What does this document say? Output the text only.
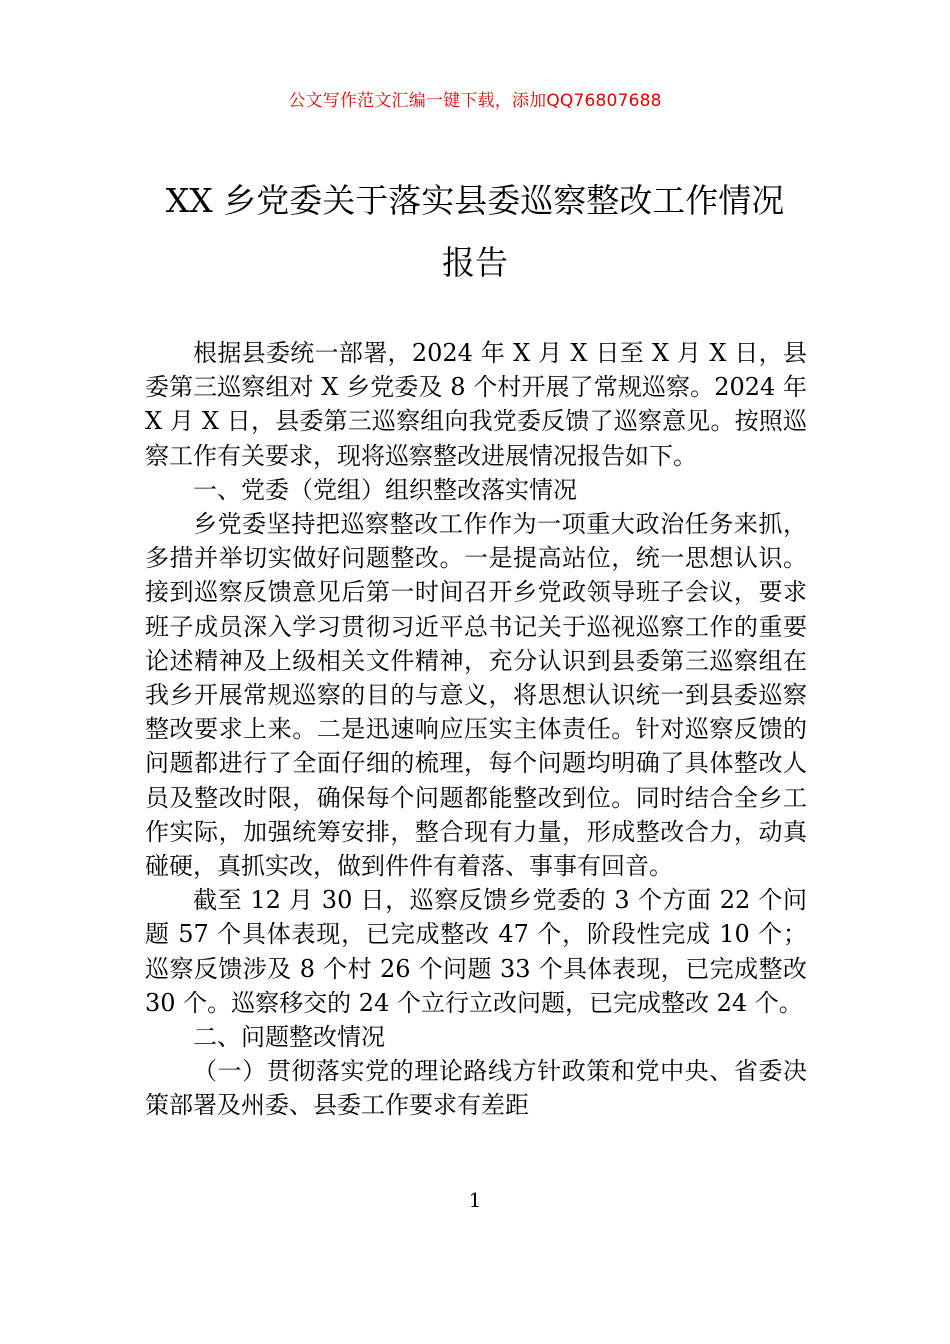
公文写作范文汇编一键下载，添加QQ76807688
XX 乡党委关于落实县委巡察整改工作情况
报告

根据县委统一部署，2024 年 X 月 X 日至 X 月 X 日，县委第三巡察组对 X 乡党委及 8 个村开展了常规巡察。2024 年 X 月 X 日，县委第三巡察组向我党委反馈了巡察意见。按照巡察工作有关要求，现将巡察整改进展情况报告如下。

一、党委（党组）组织整改落实情况

乡党委坚持把巡察整改工作作为一项重大政治任务来抓，多措并举切实做好问题整改。一是提高站位，统一思想认识。接到巡察反馈意见后第一时间召开乡党政领导班子会议，要求班子成员深入学习贯彻习近平总书记关于巡视巡察工作的重要论述精神及上级相关文件精神，充分认识到县委第三巡察组在我乡开展常规巡察的目的与意义，将思想认识统一到县委巡察整改要求上来。二是迅速响应压实主体责任。针对巡察反馈的问题都进行了全面仔细的梳理，每个问题均明确了具体整改人员及整改时限，确保每个问题都能整改到位。同时结合全乡工作实际，加强统筹安排，整合现有力量，形成整改合力，动真碰硬，真抓实改，做到件件有着落、事事有回音。

截至 12 月 30 日，巡察反馈乡党委的 3 个方面 22 个问题 57 个具体表现，已完成整改 47 个，阶段性完成 10 个；巡察反馈涉及 8 个村 26 个问题 33 个具体表现，已完成整改 30 个。巡察移交的 24 个立行立改问题，已完成整改 24 个。

二、问题整改情况

（一）贯彻落实党的理论路线方针政策和党中央、省委决策部署及州委、县委工作要求有差距

1
